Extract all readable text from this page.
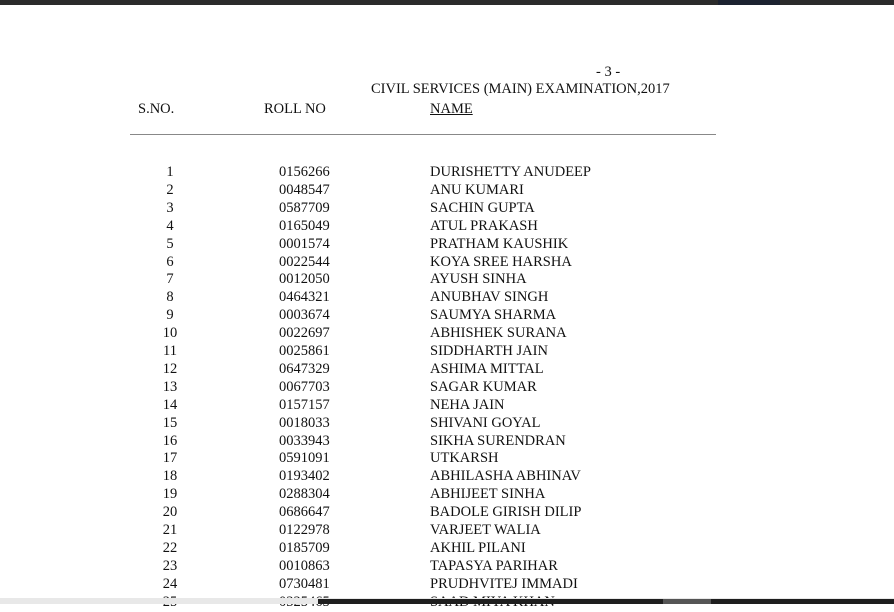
- 3 -
CIVIL SERVICES (MAIN) EXAMINATION,2017
S.NO.	ROLL NO	NAME
1	0156266	DURISHETTY ANUDEEP
2	0048547	ANU KUMARI
3	0587709	SACHIN GUPTA
4	0165049	ATUL PRAKASH
5	0001574	PRATHAM KAUSHIK
6	0022544	KOYA SREE HARSHA
7	0012050	AYUSH SINHA
8	0464321	ANUBHAV SINGH
9	0003674	SAUMYA SHARMA
10	0022697	ABHISHEK SURANA
11	0025861	SIDDHARTH JAIN
12	0647329	ASHIMA MITTAL
13	0067703	SAGAR KUMAR
14	0157157	NEHA JAIN
15	0018033	SHIVANI GOYAL
16	0033943	SIKHA SURENDRAN
17	0591091	UTKARSH
18	0193402	ABHILASHA ABHINAV
19	0288304	ABHIJEET SINHA
20	0686647	BADOLE GIRISH DILIP
21	0122978	VARJEET WALIA
22	0185709	AKHIL PILANI
23	0010863	TAPASYA PARIHAR
24	0730481	PRUDHVITEJ IMMADI
